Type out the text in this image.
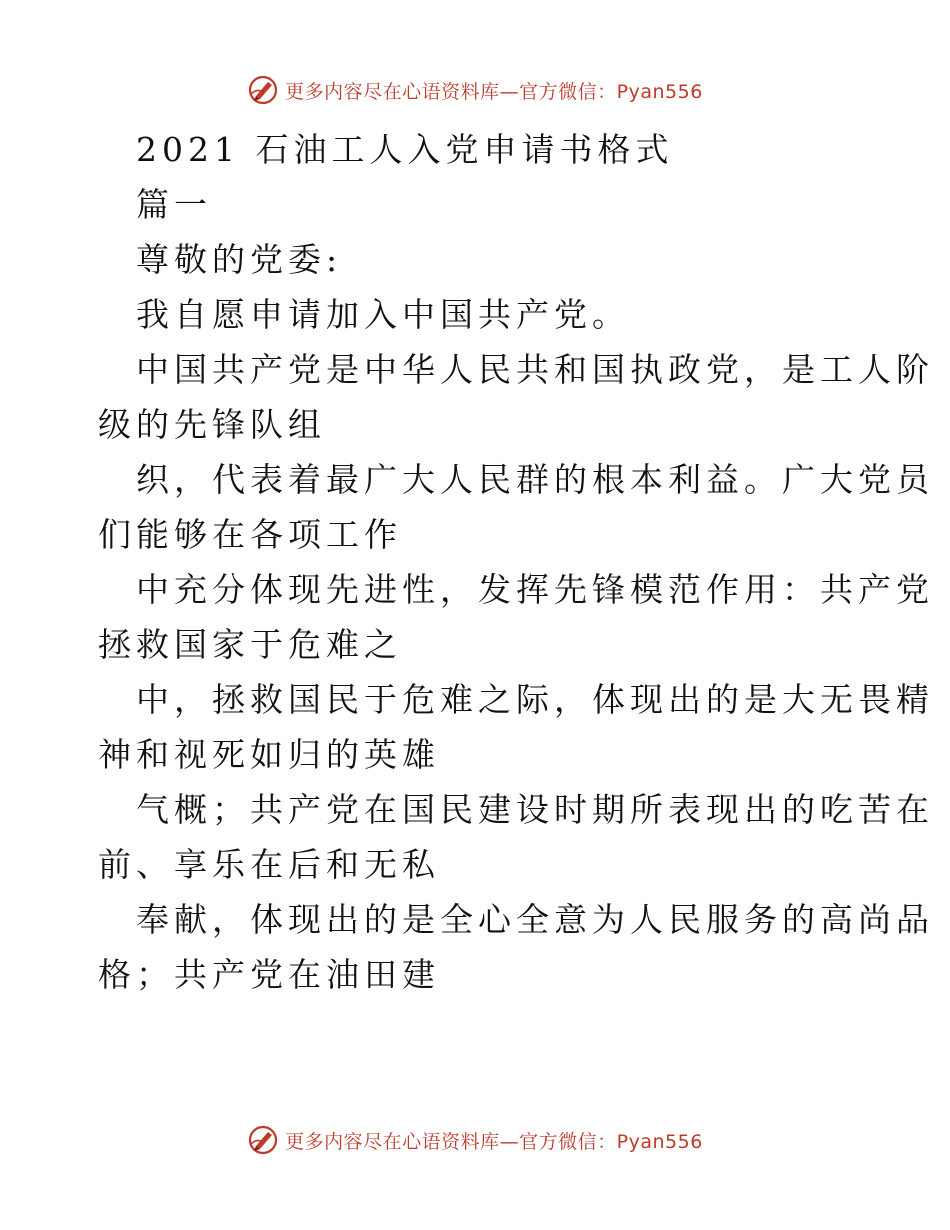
更多内容尽在心语资料库—官方微信：Pyan556
2021 石油工人入党申请书格式
篇一
尊敬的党委:
我自愿申请加入中国共产党。
中国共产党是中华人民共和国执政党，是工人阶
级的先锋队组
织，代表着最广大人民群的根本利益。广大党员
们能够在各项工作
中充分体现先进性，发挥先锋模范作用：共产党
拯救国家于危难之
中，拯救国民于危难之际，体现出的是大无畏精
神和视死如归的英雄
气概；共产党在国民建设时期所表现出的吃苦在
前、享乐在后和无私
奉献，体现出的是全心全意为人民服务的高尚品
格；共产党在油田建
更多内容尽在心语资料库—官方微信：Pyan556
